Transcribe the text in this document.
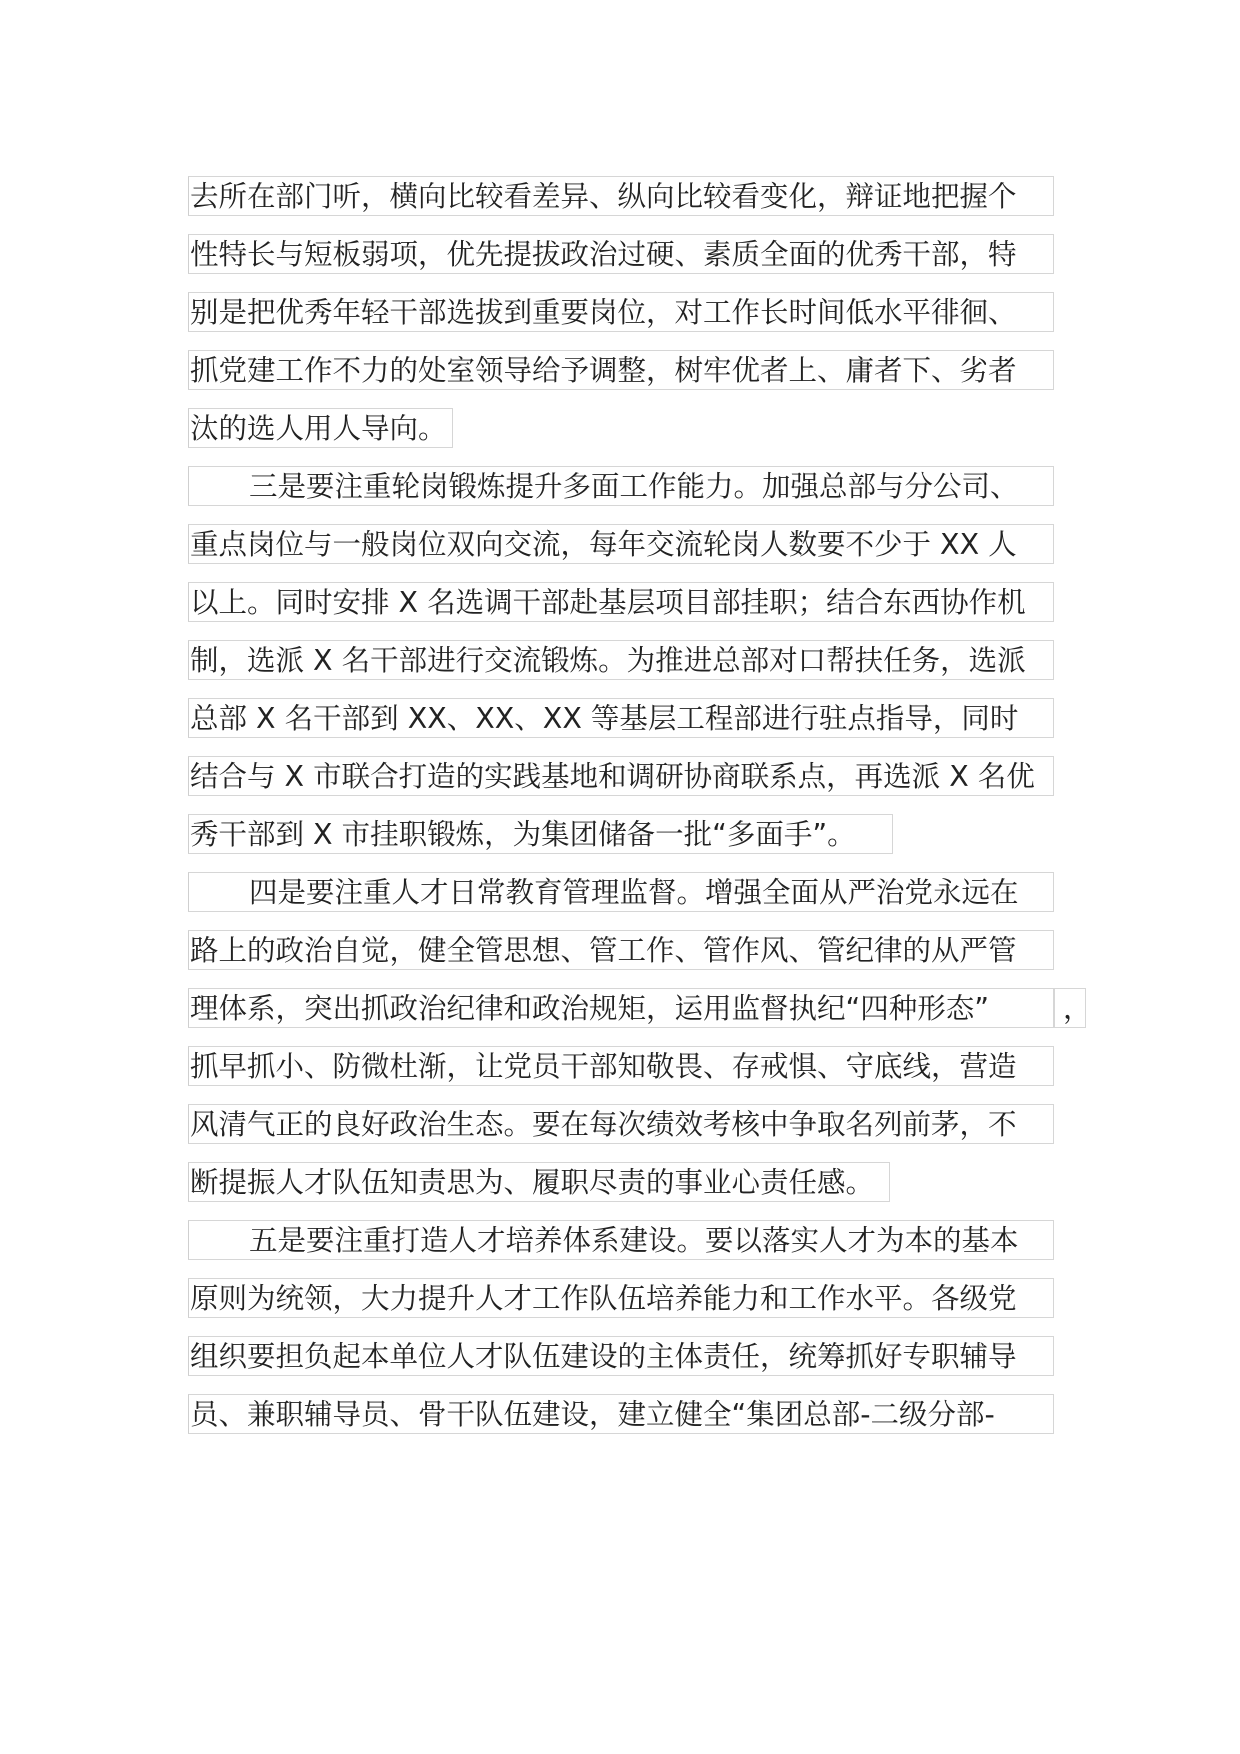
去所在部门听，横向比较看差异、纵向比较看变化，辩证地把握个
性特长与短板弱项，优先提拔政治过硬、素质全面的优秀干部，特
别是把优秀年轻干部选拔到重要岗位，对工作长时间低水平徘徊、
抓党建工作不力的处室领导给予调整，树牢优者上、庸者下、劣者
汰的选人用人导向。
三是要注重轮岗锻炼提升多面工作能力。加强总部与分公司、
重点岗位与一般岗位双向交流，每年交流轮岗人数要不少于 XX 人
以上。同时安排 X 名选调干部赴基层项目部挂职；结合东西协作机
制，选派 X 名干部进行交流锻炼。为推进总部对口帮扶任务，选派
总部 X 名干部到 XX、XX、XX 等基层工程部进行驻点指导，同时
结合与 X 市联合打造的实践基地和调研协商联系点，再选派 X 名优
秀干部到 X 市挂职锻炼，为集团储备一批“多面手”。
四是要注重人才日常教育管理监督。增强全面从严治党永远在
路上的政治自觉，健全管思想、管工作、管作风、管纪律的从严管
理体系，突出抓政治纪律和政治规矩，运用监督执纪“四种形态”	，
抓早抓小、防微杜渐，让党员干部知敬畏、存戒惧、守底线，营造
风清气正的良好政治生态。要在每次绩效考核中争取名列前茅，不
断提振人才队伍知责思为、履职尽责的事业心责任感。
五是要注重打造人才培养体系建设。要以落实人才为本的基本
原则为统领，大力提升人才工作队伍培养能力和工作水平。各级党
组织要担负起本单位人才队伍建设的主体责任，统筹抓好专职辅导
员、兼职辅导员、骨干队伍建设，建立健全“集团总部-二级分部-
